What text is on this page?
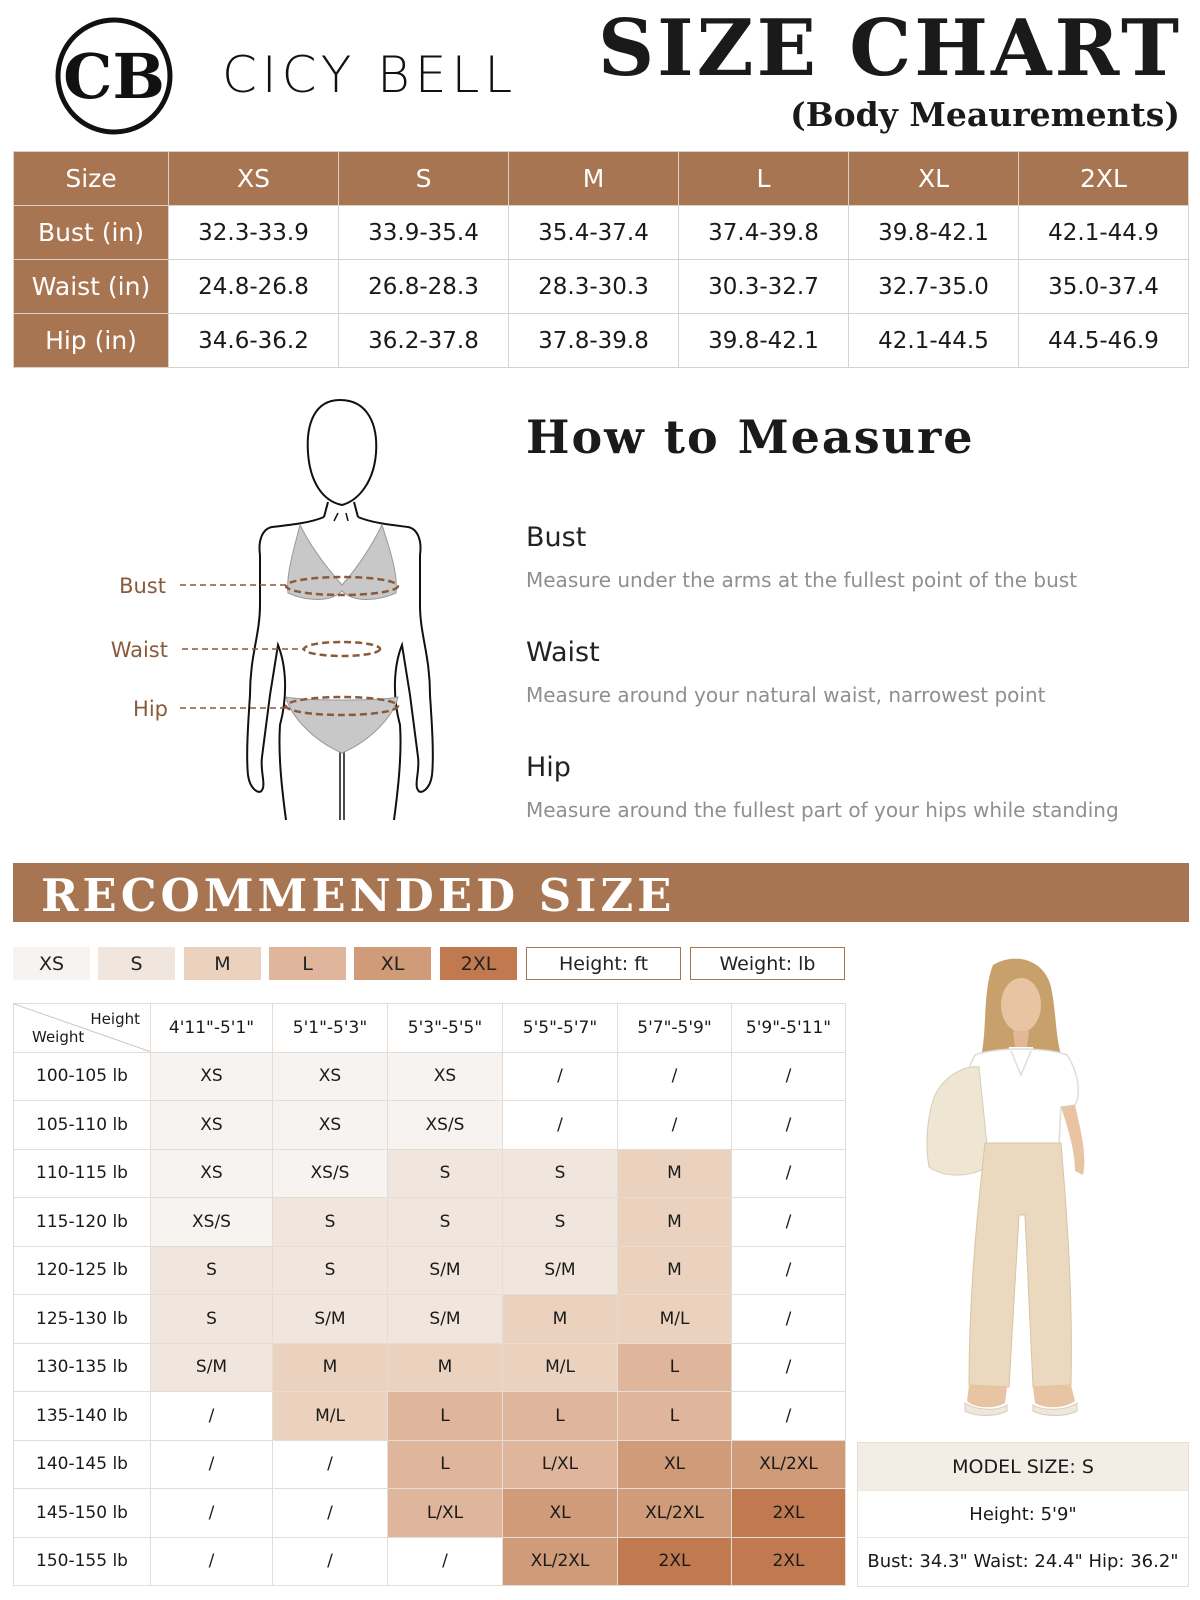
CB CICY BELL SIZE CHART
(Body Meaurements)
Size	XS	S	M	L	XL	2XL
Bust (in)	32.3-33.9	33.9-35.4	35.4-37.4	37.4-39.8	39.8-42.1	42.1-44.9
Waist (in)	24.8-26.8	26.8-28.3	28.3-30.3	30.3-32.7	32.7-35.0	35.0-37.4
Hip (in)	34.6-36.2	36.2-37.8	37.8-39.8	39.8-42.1	42.1-44.5	44.5-46.9
Bust
Waist
Hip
How to Measure
Bust
Measure under the arms at the fullest point of the bust
Waist
Measure around your natural waist, narrowest point
Hip
Measure around the fullest part of your hips while standing
RECOMMENDED SIZE
XS	S	M	L	XL	2XL	Height: ft	Weight: lb
Height
Weight	4'11"-5'1"	5'1"-5'3"	5'3"-5'5"	5'5"-5'7"	5'7"-5'9"	5'9"-5'11"
100-105 lb	XS	XS	XS	/	/	/
105-110 lb	XS	XS	XS/S	/	/	/
110-115 lb	XS	XS/S	S	S	M	/
115-120 lb	XS/S	S	S	S	M	/
120-125 lb	S	S	S/M	S/M	M	/
125-130 lb	S	S/M	S/M	M	M/L	/
130-135 lb	S/M	M	M	M/L	L	/
135-140 lb	/	M/L	L	L	L	/
140-145 lb	/	/	L	L/XL	XL	XL/2XL
145-150 lb	/	/	L/XL	XL	XL/2XL	2XL
150-155 lb	/	/	/	XL/2XL	2XL	2XL
MODEL SIZE: S
Height: 5'9"
Bust: 34.3" Waist: 24.4" Hip: 36.2"
